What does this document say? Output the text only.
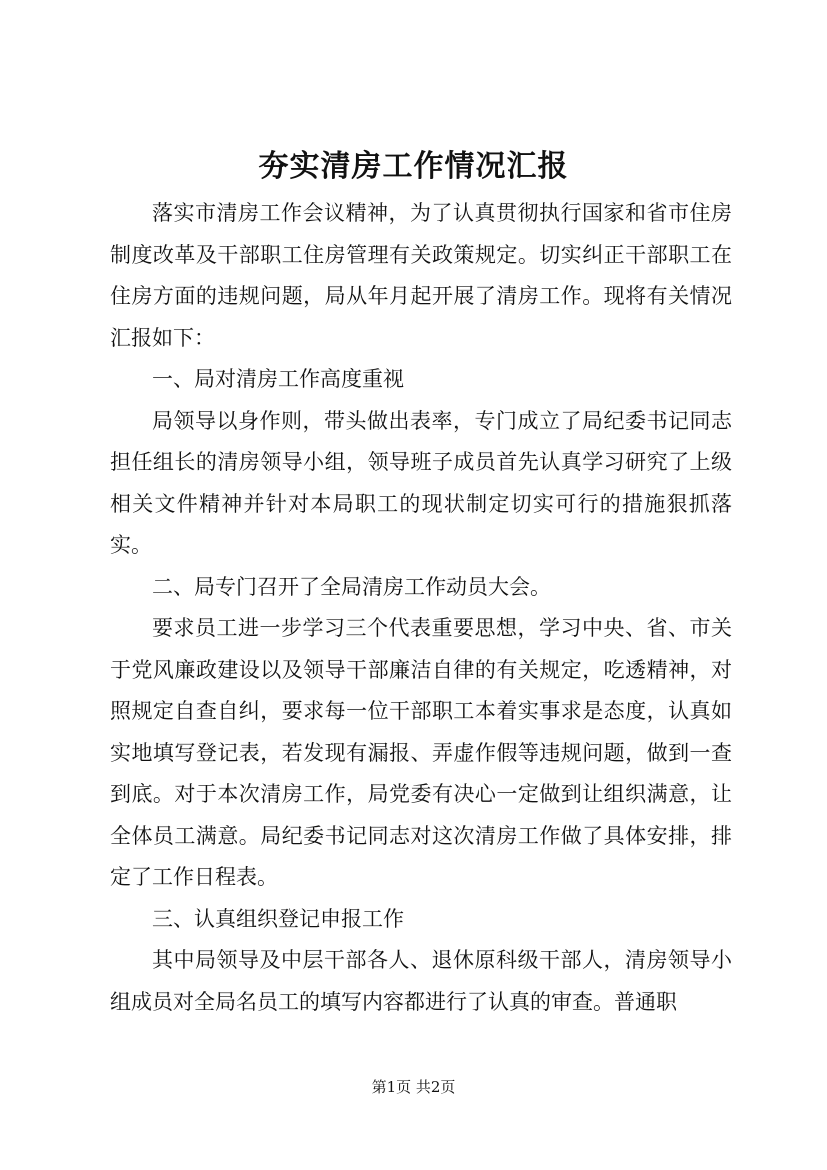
夯实清房工作情况汇报

落实市清房工作会议精神，为了认真贯彻执行国家和省市住房制度改革及干部职工住房管理有关政策规定。切实纠正干部职工在住房方面的违规问题，局从年月起开展了清房工作。现将有关情况汇报如下：

一、局对清房工作高度重视

局领导以身作则，带头做出表率，专门成立了局纪委书记同志担任组长的清房领导小组，领导班子成员首先认真学习研究了上级相关文件精神并针对本局职工的现状制定切实可行的措施狠抓落实。

二、局专门召开了全局清房工作动员大会。

要求员工进一步学习三个代表重要思想，学习中央、省、市关于党风廉政建设以及领导干部廉洁自律的有关规定，吃透精神，对照规定自查自纠，要求每一位干部职工本着实事求是态度，认真如实地填写登记表，若发现有漏报、弄虚作假等违规问题，做到一查到底。对于本次清房工作，局党委有决心一定做到让组织满意，让全体员工满意。局纪委书记同志对这次清房工作做了具体安排，排定了工作日程表。

三、认真组织登记申报工作

其中局领导及中层干部各人、退休原科级干部人，清房领导小组成员对全局名员工的填写内容都进行了认真的审查。普通职

第1页 共2页
